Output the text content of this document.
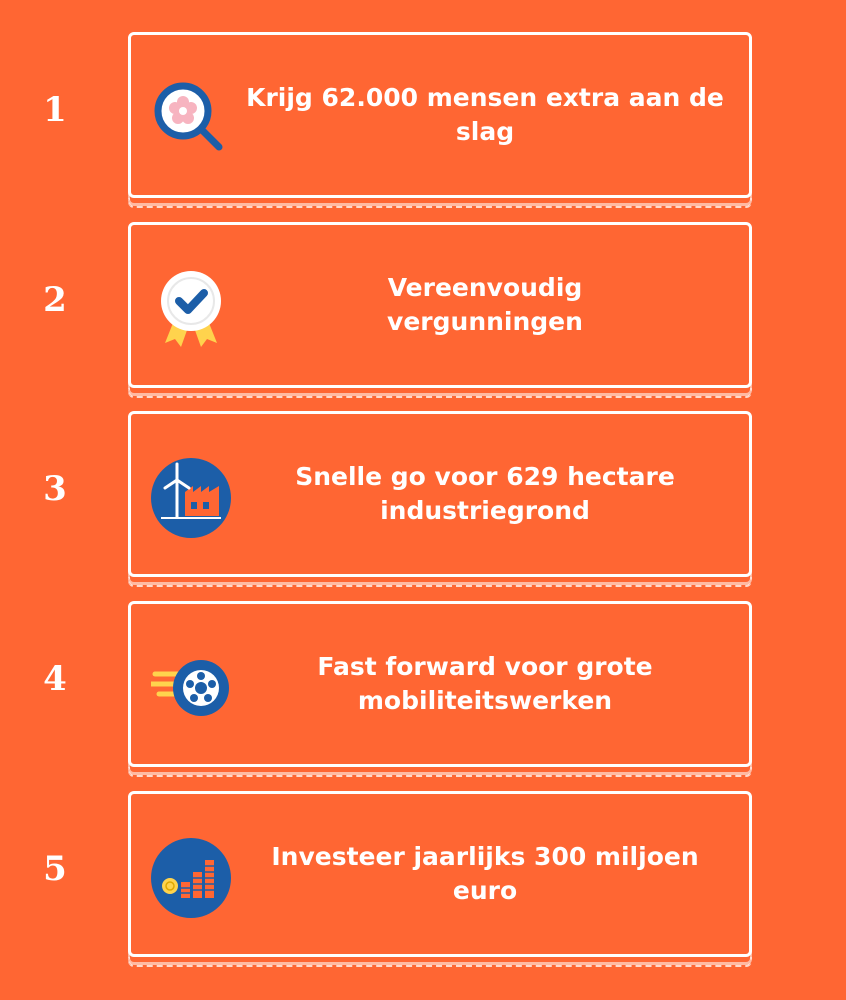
1	Krijg 62.000 mensen extra aan de slag
2	Vereenvoudig vergunningen
3	Snelle go voor 629 hectare industriegrond
4	Fast forward voor grote mobiliteitswerken
5	Investeer jaarlijks 300 miljoen euro
